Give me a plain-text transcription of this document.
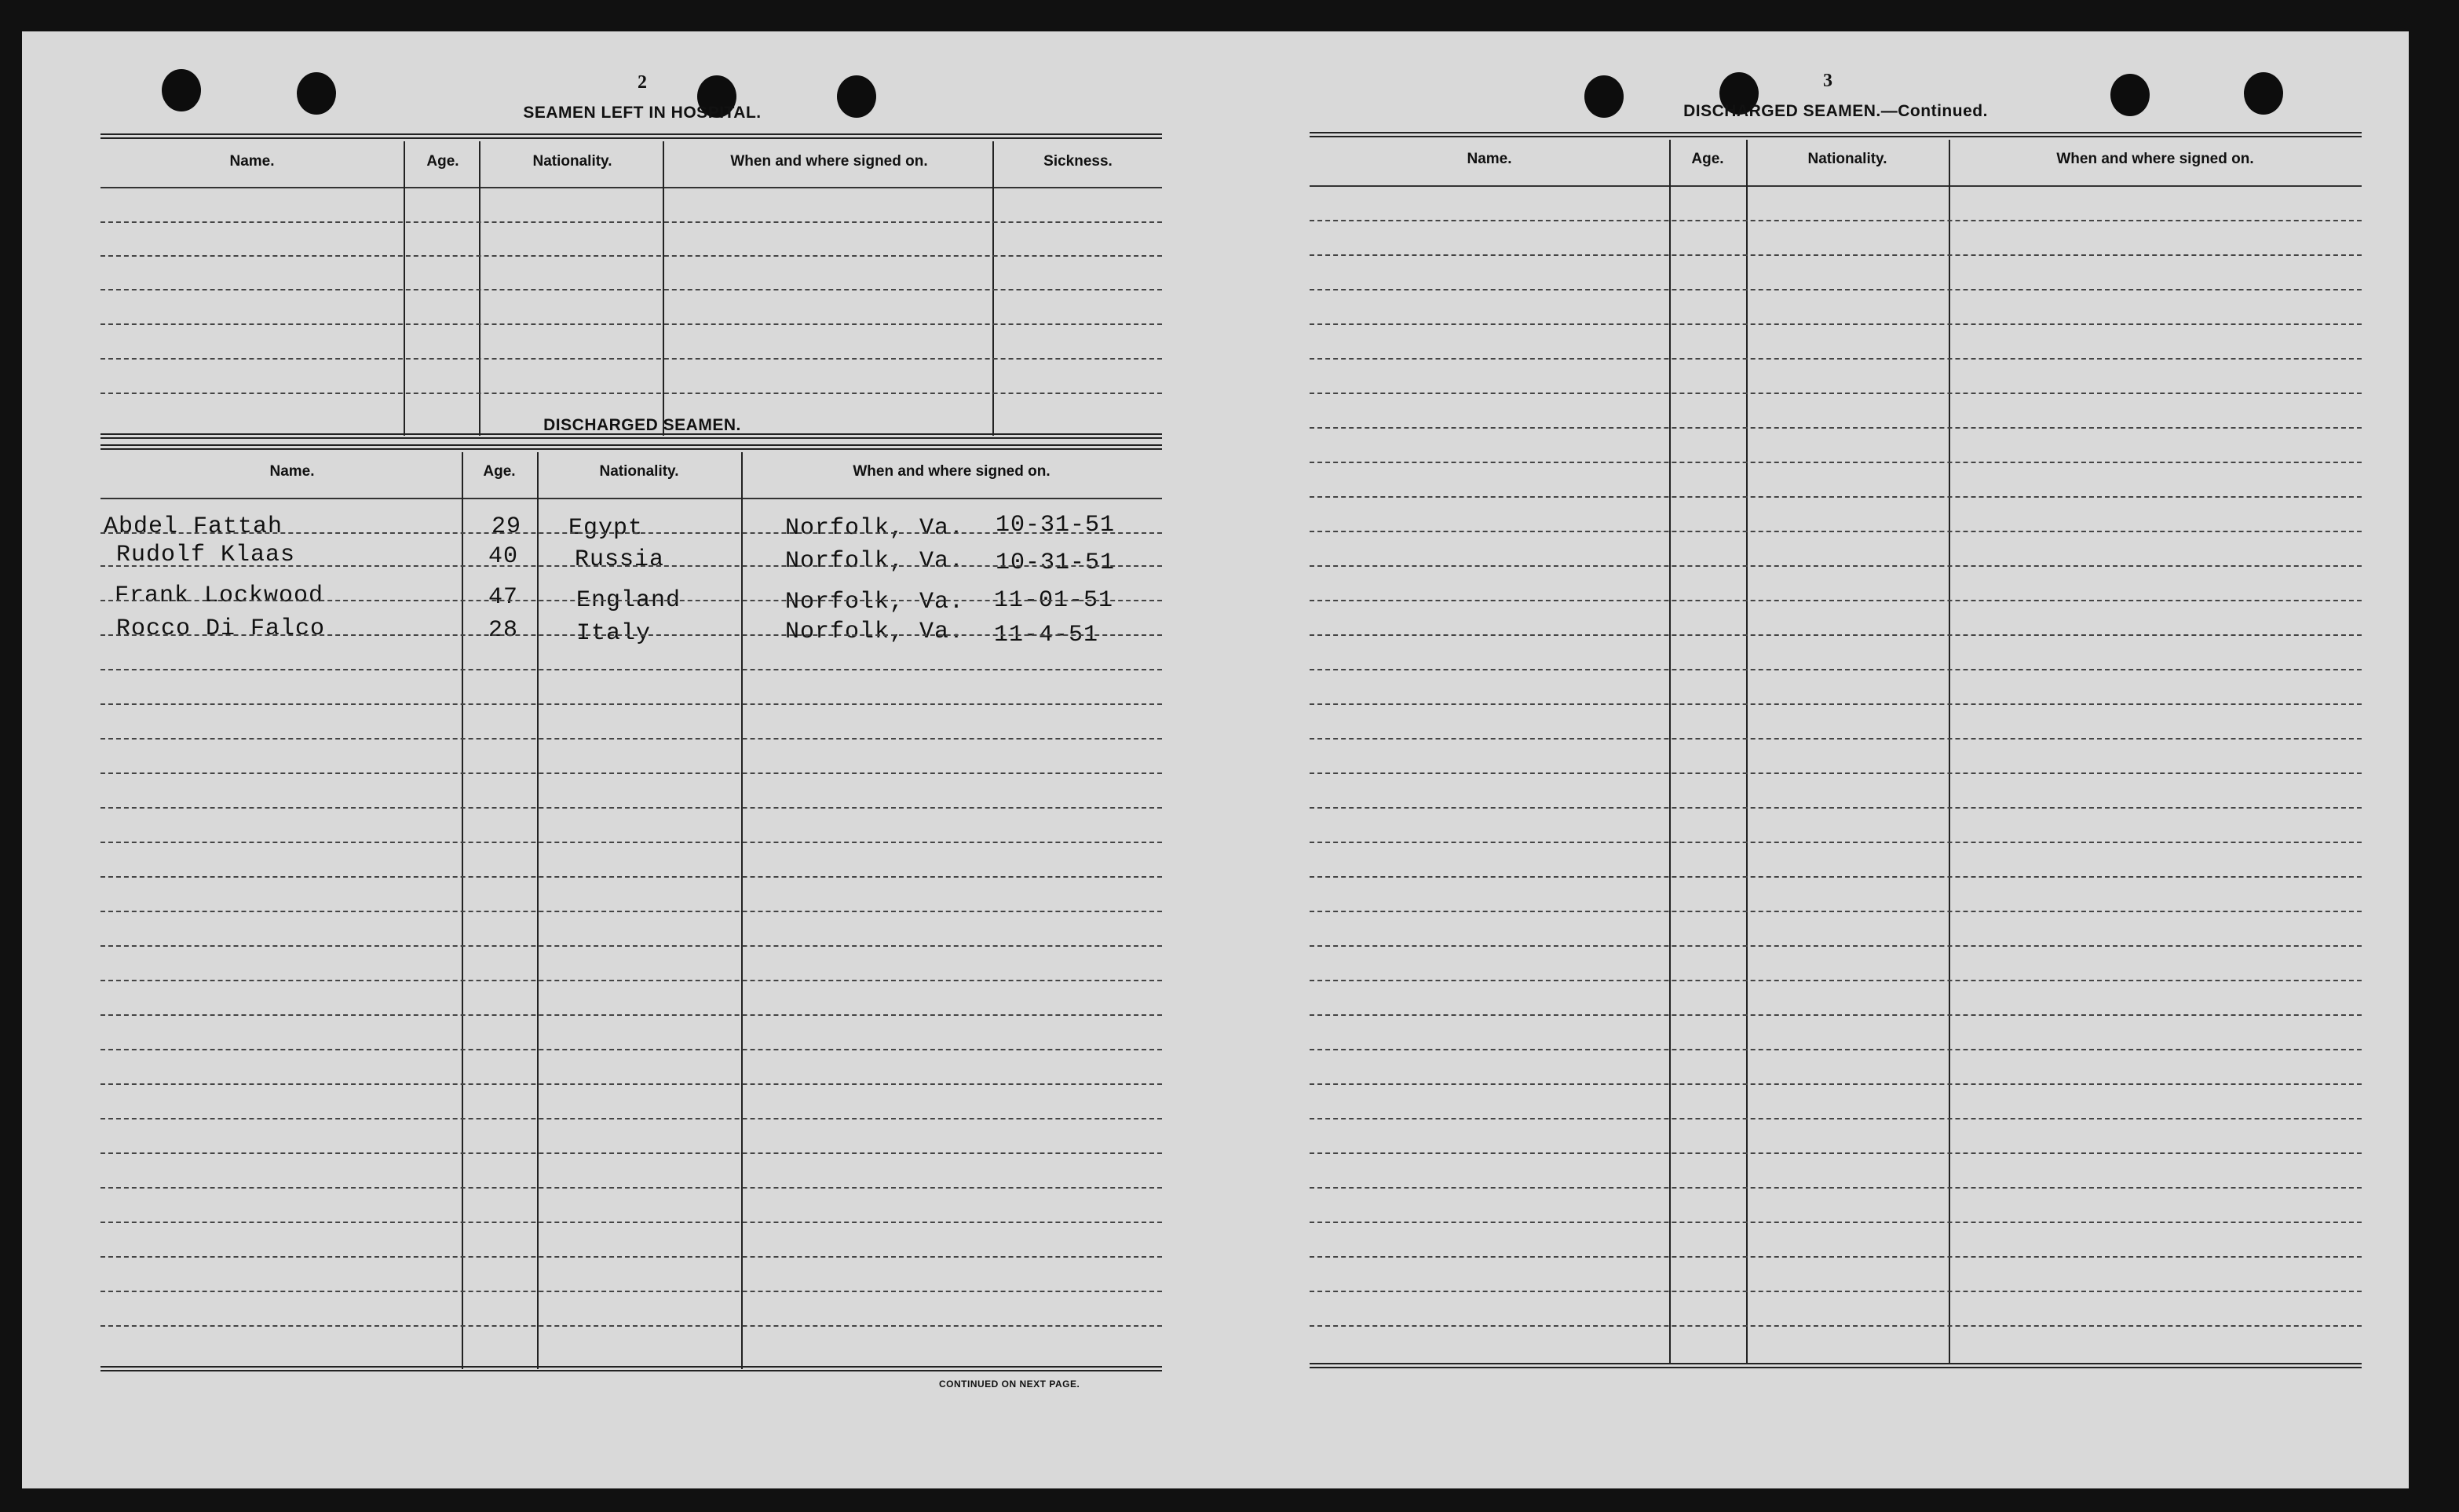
2
SEAMEN LEFT IN HOSPITAL.
Name.	Age.	Nationality.	When and where signed on.	Sickness.
DISCHARGED SEAMEN.
Name.	Age.	Nationality.	When and where signed on.
Abdel Fattah	29 Egypt	Norfolk, Va. 10-31-51
Rudolf Klaas	40 Russia	Norfolk, Va. 10-31-51
Frank Lockwood	47 England	Norfolk, Va. 11-01-51
Rocco Di Falco	28 Italy	Norfolk, Va. 11-4-51
CONTINUED ON NEXT PAGE.
3
DISCHARGED SEAMEN.—Continued.
Name.	Age.	Nationality.	When and where signed on.
